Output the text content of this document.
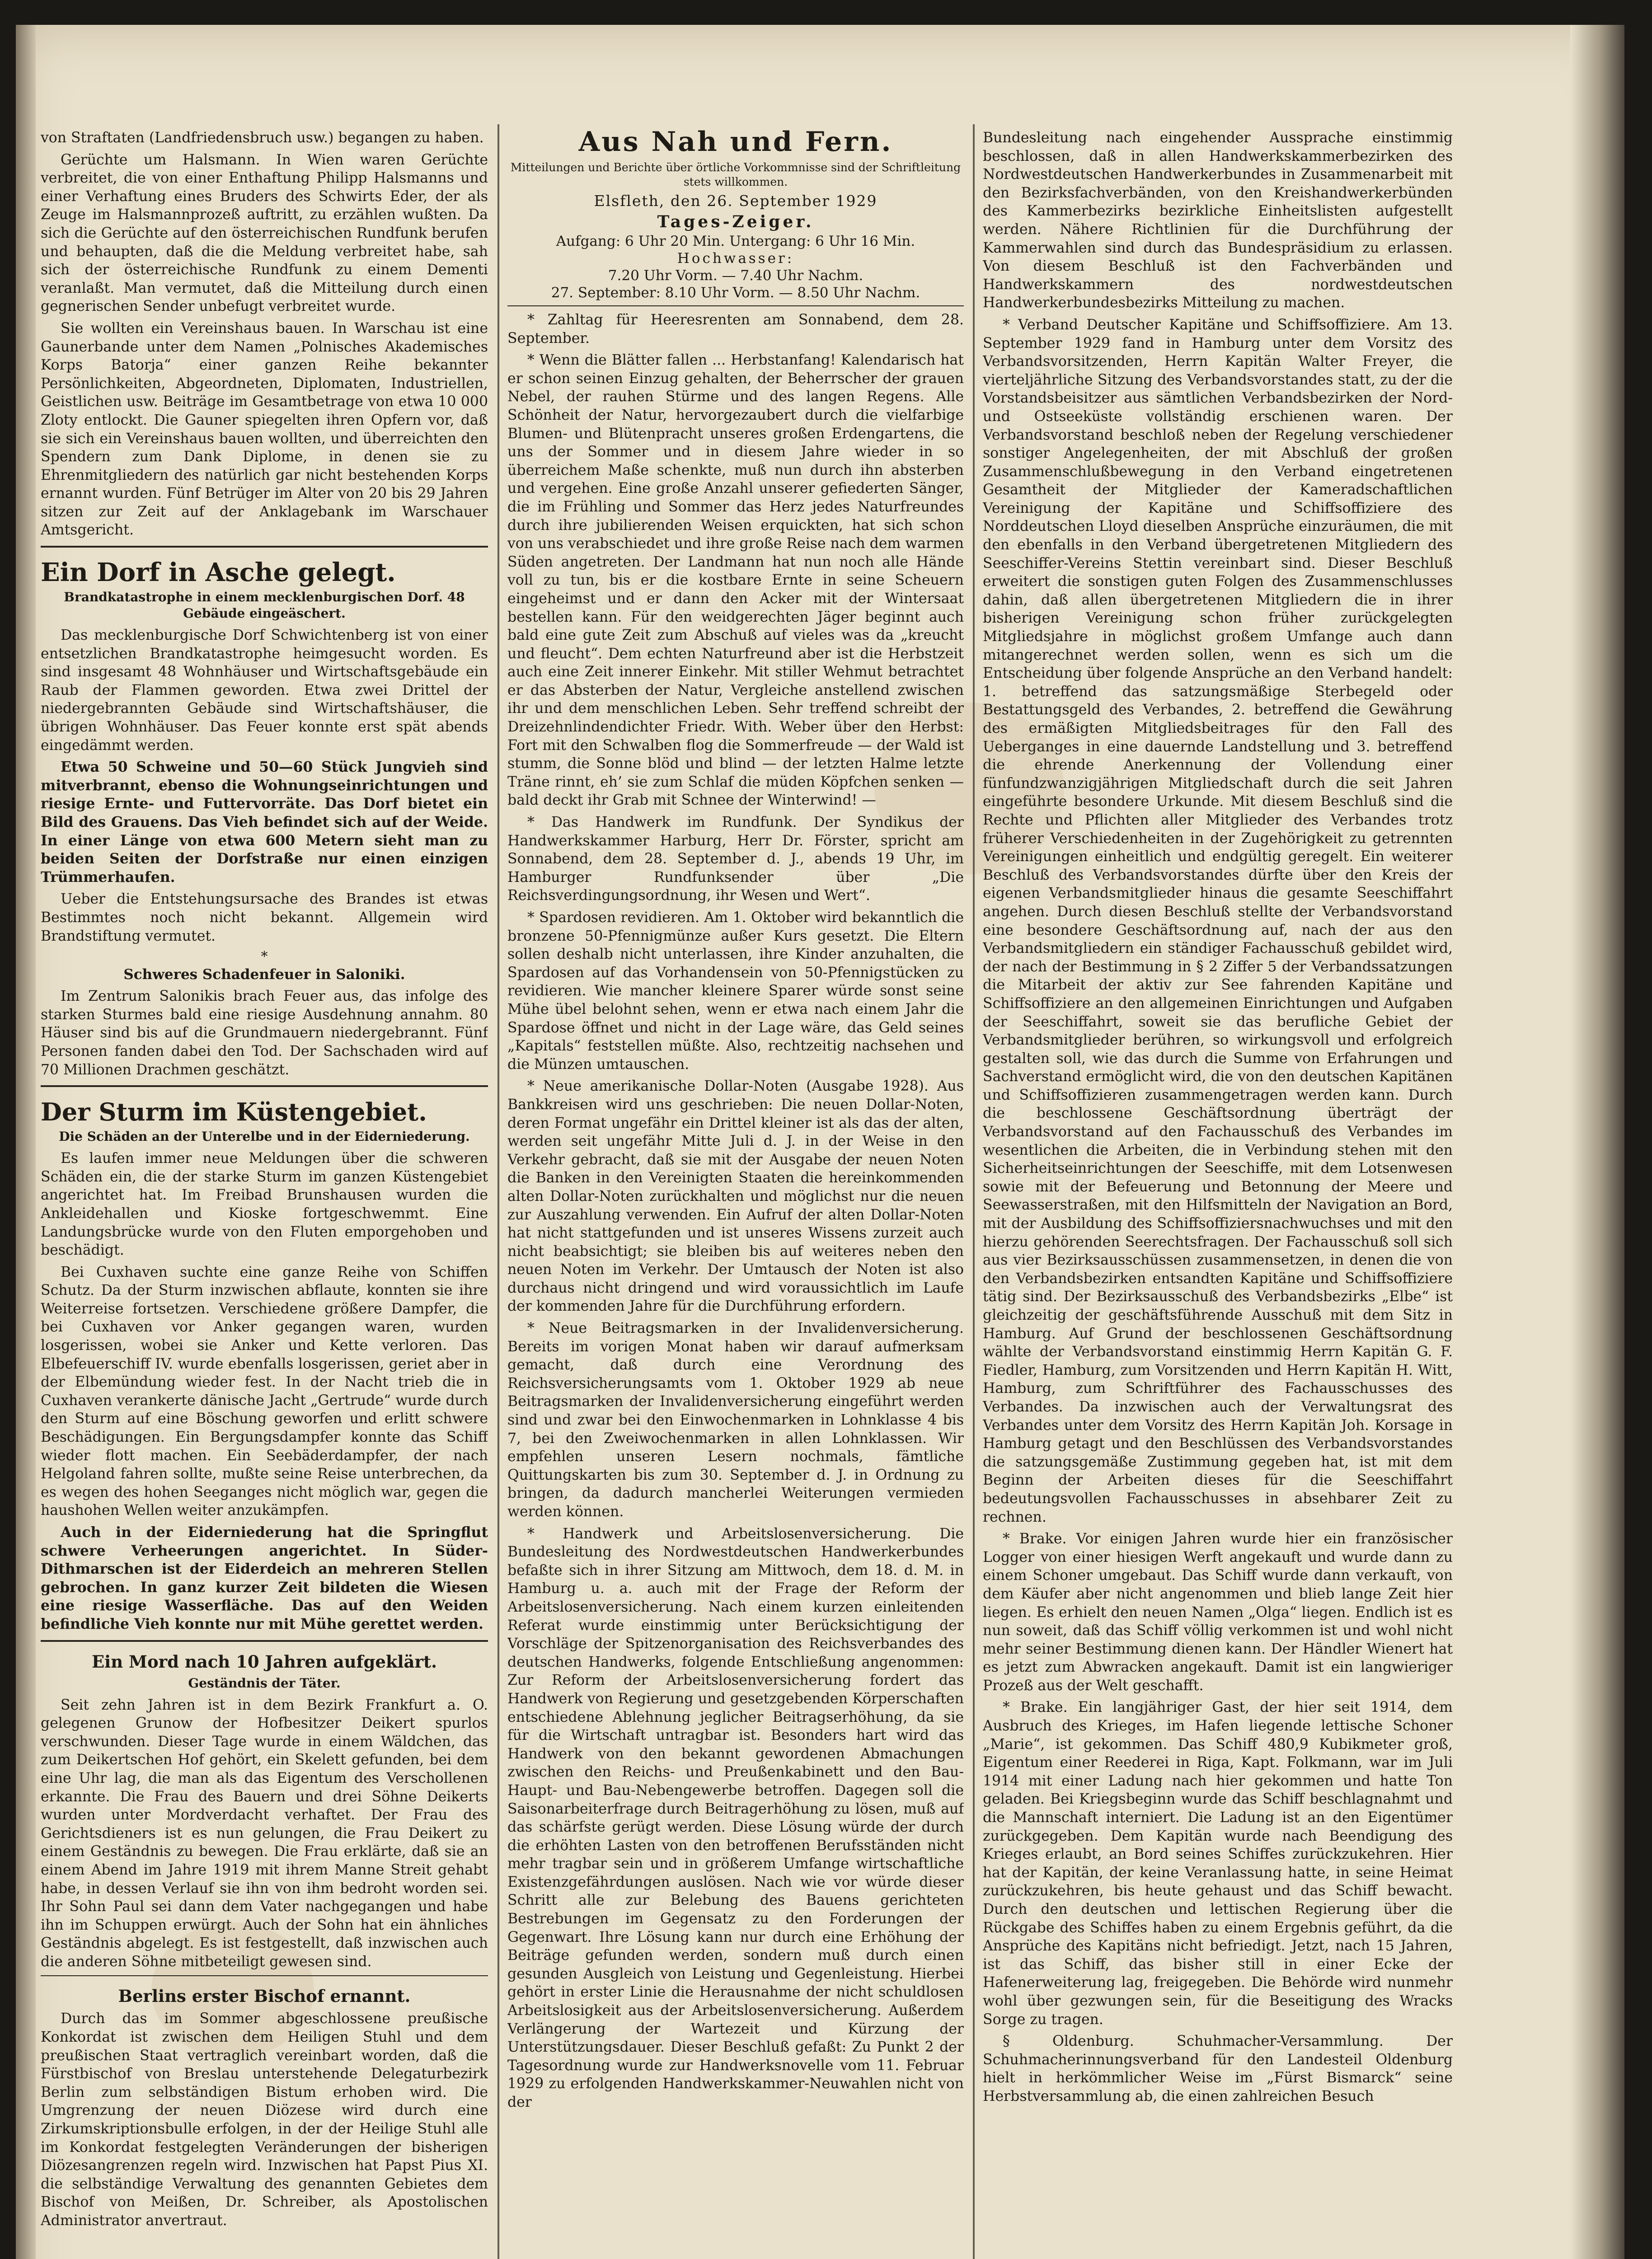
von Straftaten (Landfriedensbruch usw.) begangen zu haben.

Gerüchte um Halsmann. In Wien waren Gerüchte verbreitet, die von einer Enthaftung Philipp Halsmanns und einer Verhaftung eines Bruders des Schwirts Eder, der als Zeuge im Halsmannprozeß auftritt, zu erzählen wußten. Da sich die Gerüchte auf den österreichischen Rundfunk berufen und behaupten, daß die die Meldung verbreitet habe, sah sich der österreichische Rundfunk zu einem Dementi veranlaßt. Man vermutet, daß die Mitteilung durch einen gegnerischen Sender unbefugt verbreitet wurde.

Sie wollten ein Vereinshaus bauen. In Warschau ist eine Gaunerbande unter dem Namen „Polnisches Akademisches Korps Batorja“ einer ganzen Reihe bekannter Persönlichkeiten, Abgeordneten, Diplomaten, Industriellen, Geistlichen usw. Beiträge im Gesamtbetrage von etwa 10 000 Zloty entlockt. Die Gauner spiegelten ihren Opfern vor, daß sie sich ein Vereinshaus bauen wollten, und überreichten den Spendern zum Dank Diplome, in denen sie zu Ehrenmitgliedern des natürlich gar nicht bestehenden Korps ernannt wurden. Fünf Betrüger im Alter von 20 bis 29 Jahren sitzen zur Zeit auf der Anklagebank im Warschauer Amtsgericht.

Ein Dorf in Asche gelegt.
Brandkatastrophe in einem mecklenburgischen Dorf. 48 Gebäude eingeäschert.

Das mecklenburgische Dorf Schwichtenberg ist von einer entsetzlichen Brandkatastrophe heimgesucht worden. Es sind insgesamt 48 Wohnhäuser und Wirtschaftsgebäude ein Raub der Flammen geworden. Etwa zwei Drittel der niedergebrannten Gebäude sind Wirtschaftshäuser, die übrigen Wohnhäuser. Das Feuer konnte erst spät abends eingedämmt werden.

Etwa 50 Schweine und 50—60 Stück Jungvieh sind mitverbrannt, ebenso die Wohnungseinrichtungen und riesige Ernte- und Futtervorräte. Das Dorf bietet ein Bild des Grauens. Das Vieh befindet sich auf der Weide. In einer Länge von etwa 600 Metern sieht man zu beiden Seiten der Dorfstraße nur einen einzigen Trümmerhaufen.

Ueber die Entstehungsursache des Brandes ist etwas Bestimmtes noch nicht bekannt. Allgemein wird Brandstiftung vermutet.

*
Schweres Schadenfeuer in Saloniki.

Im Zentrum Salonikis brach Feuer aus, das infolge des starken Sturmes bald eine riesige Ausdehnung annahm. 80 Häuser sind bis auf die Grundmauern niedergebrannt. Fünf Personen fanden dabei den Tod. Der Sachschaden wird auf 70 Millionen Drachmen geschätzt.

Der Sturm im Küstengebiet.
Die Schäden an der Unterelbe und in der Eiderniederung.

Es laufen immer neue Meldungen über die schweren Schäden ein, die der starke Sturm im ganzen Küstengebiet angerichtet hat. Im Freibad Brunshausen wurden die Ankleidehallen und Kioske fortgeschwemmt. Eine Landungsbrücke wurde von den Fluten emporgehoben und beschädigt.

Bei Cuxhaven suchte eine ganze Reihe von Schiffen Schutz. Da der Sturm inzwischen abflaute, konnten sie ihre Weiterreise fortsetzen. Verschiedene größere Dampfer, die bei Cuxhaven vor Anker gegangen waren, wurden losgerissen, wobei sie Anker und Kette verloren. Das Elbefeuerschiff IV. wurde ebenfalls losgerissen, geriet aber in der Elbemündung wieder fest. In der Nacht trieb die in Cuxhaven verankerte dänische Jacht „Gertrude“ wurde durch den Sturm auf eine Böschung geworfen und erlitt schwere Beschädigungen. Ein Bergungsdampfer konnte das Schiff wieder flott machen. Ein Seebäderdampfer, der nach Helgoland fahren sollte, mußte seine Reise unterbrechen, da es wegen des hohen Seeganges nicht möglich war, gegen die haushohen Wellen weiter anzukämpfen.

Auch in der Eiderniederung hat die Springflut schwere Verheerungen angerichtet. In Süder-Dithmarschen ist der Eiderdeich an mehreren Stellen gebrochen. In ganz kurzer Zeit bildeten die Wiesen eine riesige Wasserfläche. Das auf den Weiden befindliche Vieh konnte nur mit Mühe gerettet werden.

Ein Mord nach 10 Jahren aufgeklärt.
Geständnis der Täter.

Seit zehn Jahren ist in dem Bezirk Frankfurt a. O. gelegenen Grunow der Hofbesitzer Deikert spurlos verschwunden. Dieser Tage wurde in einem Wäldchen, das zum Deikertschen Hof gehört, ein Skelett gefunden, bei dem eine Uhr lag, die man als das Eigentum des Verschollenen erkannte. Die Frau des Bauern und drei Söhne Deikerts wurden unter Mordverdacht verhaftet. Der Frau des Gerichtsdieners ist es nun gelungen, die Frau Deikert zu einem Geständnis zu bewegen. Die Frau erklärte, daß sie an einem Abend im Jahre 1919 mit ihrem Manne Streit gehabt habe, in dessen Verlauf sie ihn von ihm bedroht worden sei. Ihr Sohn Paul sei dann dem Vater nachgegangen und habe ihn im Schuppen erwürgt. Auch der Sohn hat ein ähnliches Geständnis abgelegt. Es ist festgestellt, daß inzwischen auch die anderen Söhne mitbeteiligt gewesen sind.

Berlins erster Bischof ernannt.

Durch das im Sommer abgeschlossene preußische Konkordat ist zwischen dem Heiligen Stuhl und dem preußischen Staat vertraglich vereinbart worden, daß die Fürstbischof von Breslau unterstehende Delegaturbezirk Berlin zum selbständigen Bistum erhoben wird. Die Umgrenzung der neuen Diözese wird durch eine Zirkumskriptionsbulle erfolgen, in der der Heilige Stuhl alle im Konkordat festgelegten Veränderungen der bisherigen Diözesangrenzen regeln wird. Inzwischen hat Papst Pius XI. die selbständige Verwaltung des genannten Gebietes dem Bischof von Meißen, Dr. Schreiber, als Apostolischen Administrator anvertraut.

Aus Nah und Fern.
Mitteilungen und Berichte über örtliche Vorkommnisse sind der Schriftleitung stets willkommen.
Elsfleth, den 26. September 1929
Tages-Zeiger.
Aufgang: 6 Uhr 20 Min. Untergang: 6 Uhr 16 Min.
Hochwasser:
7.20 Uhr Vorm. — 7.40 Uhr Nachm.
27. September: 8.10 Uhr Vorm. — 8.50 Uhr Nachm.

* Zahltag für Heeresrenten am Sonnabend, dem 28. September.

* Wenn die Blätter fallen ... Herbstanfang! Kalendarisch hat er schon seinen Einzug gehalten, der Beherrscher der grauen Nebel, der rauhen Stürme und des langen Regens. Alle Schönheit der Natur, hervorgezaubert durch die vielfarbige Blumen- und Blütenpracht unseres großen Erdengartens, die uns der Sommer und in diesem Jahre wieder in so überreichem Maße schenkte, muß nun durch ihn absterben und vergehen. Eine große Anzahl unserer gefiederten Sänger, die im Frühling und Sommer das Herz jedes Naturfreundes durch ihre jubilierenden Weisen erquickten, hat sich schon von uns verabschiedet und ihre große Reise nach dem warmen Süden angetreten. Der Landmann hat nun noch alle Hände voll zu tun, bis er die kostbare Ernte in seine Scheuern eingeheimst und er dann den Acker mit der Wintersaat bestellen kann. Für den weidgerechten Jäger beginnt auch bald eine gute Zeit zum Abschuß auf vieles was da „kreucht und fleucht“. Dem echten Naturfreund aber ist die Herbstzeit auch eine Zeit innerer Einkehr. Mit stiller Wehmut betrachtet er das Absterben der Natur, Vergleiche anstellend zwischen ihr und dem menschlichen Leben. Sehr treffend schreibt der Dreizehnlindendichter Friedr. With. Weber über den Herbst: Fort mit den Schwalben flog die Sommerfreude — der Wald ist stumm, die Sonne blöd und blind — der letzten Halme letzte Träne rinnt, eh’ sie zum Schlaf die müden Köpfchen senken — bald deckt ihr Grab mit Schnee der Winterwind! —

* Das Handwerk im Rundfunk. Der Syndikus der Handwerkskammer Harburg, Herr Dr. Förster, spricht am Sonnabend, dem 28. September d. J., abends 19 Uhr, im Hamburger Rundfunksender über „Die Reichsverdingungsordnung, ihr Wesen und Wert“.

* Spardosen revidieren. Am 1. Oktober wird bekanntlich die bronzene 50-Pfennigmünze außer Kurs gesetzt. Die Eltern sollen deshalb nicht unterlassen, ihre Kinder anzuhalten, die Spardosen auf das Vorhandensein von 50-Pfennigstücken zu revidieren. Wie mancher kleinere Sparer würde sonst seine Mühe übel belohnt sehen, wenn er etwa nach einem Jahr die Spardose öffnet und nicht in der Lage wäre, das Geld seines „Kapitals“ feststellen müßte. Also, rechtzeitig nachsehen und die Münzen umtauschen.

* Neue amerikanische Dollar-Noten (Ausgabe 1928). Aus Bankkreisen wird uns geschrieben: Die neuen Dollar-Noten, deren Format ungefähr ein Drittel kleiner ist als das der alten, werden seit ungefähr Mitte Juli d. J. in der Weise in den Verkehr gebracht, daß sie mit der Ausgabe der neuen Noten die Banken in den Vereinigten Staaten die hereinkommenden alten Dollar-Noten zurückhalten und möglichst nur die neuen zur Auszahlung verwenden. Ein Aufruf der alten Dollar-Noten hat nicht stattgefunden und ist unseres Wissens zurzeit auch nicht beabsichtigt; sie bleiben bis auf weiteres neben den neuen Noten im Verkehr. Der Umtausch der Noten ist also durchaus nicht dringend und wird voraussichtlich im Laufe der kommenden Jahre für die Durchführung erfordern.

* Neue Beitragsmarken in der Invalidenversicherung. Bereits im vorigen Monat haben wir darauf aufmerksam gemacht, daß durch eine Verordnung des Reichsversicherungsamts vom 1. Oktober 1929 ab neue Beitragsmarken der Invalidenversicherung eingeführt werden sind und zwar bei den Einwochenmarken in Lohnklasse 4 bis 7, bei den Zweiwochenmarken in allen Lohnklassen. Wir empfehlen unseren Lesern nochmals, fämtliche Quittungskarten bis zum 30. September d. J. in Ordnung zu bringen, da dadurch mancherlei Weiterungen vermieden werden können.

* Handwerk und Arbeitslosenversicherung. Die Bundesleitung des Nordwestdeutschen Handwerkerbundes befaßte sich in ihrer Sitzung am Mittwoch, dem 18. d. M. in Hamburg u. a. auch mit der Frage der Reform der Arbeitslosenversicherung. Nach einem kurzen einleitenden Referat wurde einstimmig unter Berücksichtigung der Vorschläge der Spitzenorganisation des Reichsverbandes des deutschen Handwerks, folgende Entschließung angenommen: Zur Reform der Arbeitslosenversicherung fordert das Handwerk von Regierung und gesetzgebenden Körperschaften entschiedene Ablehnung jeglicher Beitragserhöhung, da sie für die Wirtschaft untragbar ist. Besonders hart wird das Handwerk von den bekannt gewordenen Abmachungen zwischen den Reichs- und Preußenkabinett und den Bau-Haupt- und Bau-Nebengewerbe betroffen. Dagegen soll die Saisonarbeiterfrage durch Beitragerhöhung zu lösen, muß auf das schärfste gerügt werden. Diese Lösung würde der durch die erhöhten Lasten von den betroffenen Berufsständen nicht mehr tragbar sein und in größerem Umfange wirtschaftliche Existenzgefährdungen auslösen. Nach wie vor würde dieser Schritt alle zur Belebung des Bauens gerichteten Bestrebungen im Gegensatz zu den Forderungen der Gegenwart. Ihre Lösung kann nur durch eine Erhöhung der Beiträge gefunden werden, sondern muß durch einen gesunden Ausgleich von Leistung und Gegenleistung. Hierbei gehört in erster Linie die Herausnahme der nicht schuldlosen Arbeitslosigkeit aus der Arbeitslosenversicherung. Außerdem Verlängerung der Wartezeit und Kürzung der Unterstützungsdauer. Dieser Beschluß gefaßt: Zu Punkt 2 der Tagesordnung wurde zur Handwerksnovelle vom 11. Februar 1929 zu erfolgenden Handwerkskammer-Neuwahlen nicht von der

Bundesleitung nach eingehender Aussprache einstimmig beschlossen, daß in allen Handwerkskammerbezirken des Nordwestdeutschen Handwerkerbundes in Zusammenarbeit mit den Bezirksfachverbänden, von den Kreishandwerkerbünden des Kammerbezirks bezirkliche Einheitslisten aufgestellt werden. Nähere Richtlinien für die Durchführung der Kammerwahlen sind durch das Bundespräsidium zu erlassen. Von diesem Beschluß ist den Fachverbänden und Handwerkskammern des nordwestdeutschen Handwerkerbundesbezirks Mitteilung zu machen.

* Verband Deutscher Kapitäne und Schiffsoffiziere. Am 13. September 1929 fand in Hamburg unter dem Vorsitz des Verbandsvorsitzenden, Herrn Kapitän Walter Freyer, die vierteljährliche Sitzung des Verbandsvorstandes statt, zu der die Vorstandsbeisitzer aus sämtlichen Verbandsbezirken der Nord- und Ostseeküste vollständig erschienen waren. Der Verbandsvorstand beschloß neben der Regelung verschiedener sonstiger Angelegenheiten, der mit Abschluß der großen Zusammenschlußbewegung in den Verband eingetretenen Gesamtheit der Mitglieder der Kameradschaftlichen Vereinigung der Kapitäne und Schiffsoffiziere des Norddeutschen Lloyd dieselben Ansprüche einzuräumen, die mit den ebenfalls in den Verband übergetretenen Mitgliedern des Seeschiffer-Vereins Stettin vereinbart sind. Dieser Beschluß erweitert die sonstigen guten Folgen des Zusammenschlusses dahin, daß allen übergetretenen Mitgliedern die in ihrer bisherigen Vereinigung schon früher zurückgelegten Mitgliedsjahre in möglichst großem Umfange auch dann mitangerechnet werden sollen, wenn es sich um die Entscheidung über folgende Ansprüche an den Verband handelt: 1. betreffend das satzungsmäßige Sterbegeld oder Bestattungsgeld des Verbandes, 2. betreffend die Gewährung des ermäßigten Mitgliedsbeitrages für den Fall des Ueberganges in eine dauernde Landstellung und 3. betreffend die ehrende Anerkennung der Vollendung einer fünfundzwanzigjährigen Mitgliedschaft durch die seit Jahren eingeführte besondere Urkunde. Mit diesem Beschluß sind die Rechte und Pflichten aller Mitglieder des Verbandes trotz früherer Verschiedenheiten in der Zugehörigkeit zu getrennten Vereinigungen einheitlich und endgültig geregelt. Ein weiterer Beschluß des Verbandsvorstandes dürfte über den Kreis der eigenen Verbandsmitglieder hinaus die gesamte Seeschiffahrt angehen. Durch diesen Beschluß stellte der Verbandsvorstand eine besondere Geschäftsordnung auf, nach der aus den Verbandsmitgliedern ein ständiger Fachausschuß gebildet wird, der nach der Bestimmung in § 2 Ziffer 5 der Verbandssatzungen die Mitarbeit der aktiv zur See fahrenden Kapitäne und Schiffsoffiziere an den allgemeinen Einrichtungen und Aufgaben der Seeschiffahrt, soweit sie das berufliche Gebiet der Verbandsmitglieder berühren, so wirkungsvoll und erfolgreich gestalten soll, wie das durch die Summe von Erfahrungen und Sachverstand ermöglicht wird, die von den deutschen Kapitänen und Schiffsoffizieren zusammengetragen werden kann. Durch die beschlossene Geschäftsordnung überträgt der Verbandsvorstand auf den Fachausschuß des Verbandes im wesentlichen die Arbeiten, die in Verbindung stehen mit den Sicherheitseinrichtungen der Seeschiffe, mit dem Lotsenwesen sowie mit der Befeuerung und Betonnung der Meere und Seewasserstraßen, mit den Hilfsmitteln der Navigation an Bord, mit der Ausbildung des Schiffsoffiziersnachwuchses und mit den hierzu gehörenden Seerechtsfragen. Der Fachausschuß soll sich aus vier Bezirksausschüssen zusammensetzen, in denen die von den Verbandsbezirken entsandten Kapitäne und Schiffsoffiziere tätig sind. Der Bezirksausschuß des Verbandsbezirks „Elbe“ ist gleichzeitig der geschäftsführende Ausschuß mit dem Sitz in Hamburg. Auf Grund der beschlossenen Geschäftsordnung wählte der Verbandsvorstand einstimmig Herrn Kapitän G. F. Fiedler, Hamburg, zum Vorsitzenden und Herrn Kapitän H. Witt, Hamburg, zum Schriftführer des Fachausschusses des Verbandes. Da inzwischen auch der Verwaltungsrat des Verbandes unter dem Vorsitz des Herrn Kapitän Joh. Korsage in Hamburg getagt und den Beschlüssen des Verbandsvorstandes die satzungsgemäße Zustimmung gegeben hat, ist mit dem Beginn der Arbeiten dieses für die Seeschiffahrt bedeutungsvollen Fachausschusses in absehbarer Zeit zu rechnen.

* Brake. Vor einigen Jahren wurde hier ein französischer Logger von einer hiesigen Werft angekauft und wurde dann zu einem Schoner umgebaut. Das Schiff wurde dann verkauft, von dem Käufer aber nicht angenommen und blieb lange Zeit hier liegen. Es erhielt den neuen Namen „Olga“ liegen. Endlich ist es nun soweit, daß das Schiff völlig verkommen ist und wohl nicht mehr seiner Bestimmung dienen kann. Der Händler Wienert hat es jetzt zum Abwracken angekauft. Damit ist ein langwieriger Prozeß aus der Welt geschafft.

* Brake. Ein langjähriger Gast, der hier seit 1914, dem Ausbruch des Krieges, im Hafen liegende lettische Schoner „Marie“, ist gekommen. Das Schiff 480,9 Kubikmeter groß, Eigentum einer Reederei in Riga, Kapt. Folkmann, war im Juli 1914 mit einer Ladung nach hier gekommen und hatte Ton geladen. Bei Kriegsbeginn wurde das Schiff beschlagnahmt und die Mannschaft interniert. Die Ladung ist an den Eigentümer zurückgegeben. Dem Kapitän wurde nach Beendigung des Krieges erlaubt, an Bord seines Schiffes zurückzukehren. Hier hat der Kapitän, der keine Veranlassung hatte, in seine Heimat zurückzukehren, bis heute gehaust und das Schiff bewacht. Durch den deutschen und lettischen Regierung über die Rückgabe des Schiffes haben zu einem Ergebnis geführt, da die Ansprüche des Kapitäns nicht befriedigt. Jetzt, nach 15 Jahren, ist das Schiff, das bisher still in einer Ecke der Hafenerweiterung lag, freigegeben. Die Behörde wird nunmehr wohl über gezwungen sein, für die Beseitigung des Wracks Sorge zu tragen.

§ Oldenburg. Schuhmacher-Versammlung. Der Schuhmacherinnungsverband für den Landesteil Oldenburg hielt in herkömmlicher Weise im „Fürst Bismarck“ seine Herbstversammlung ab, die einen zahlreichen Besuch
